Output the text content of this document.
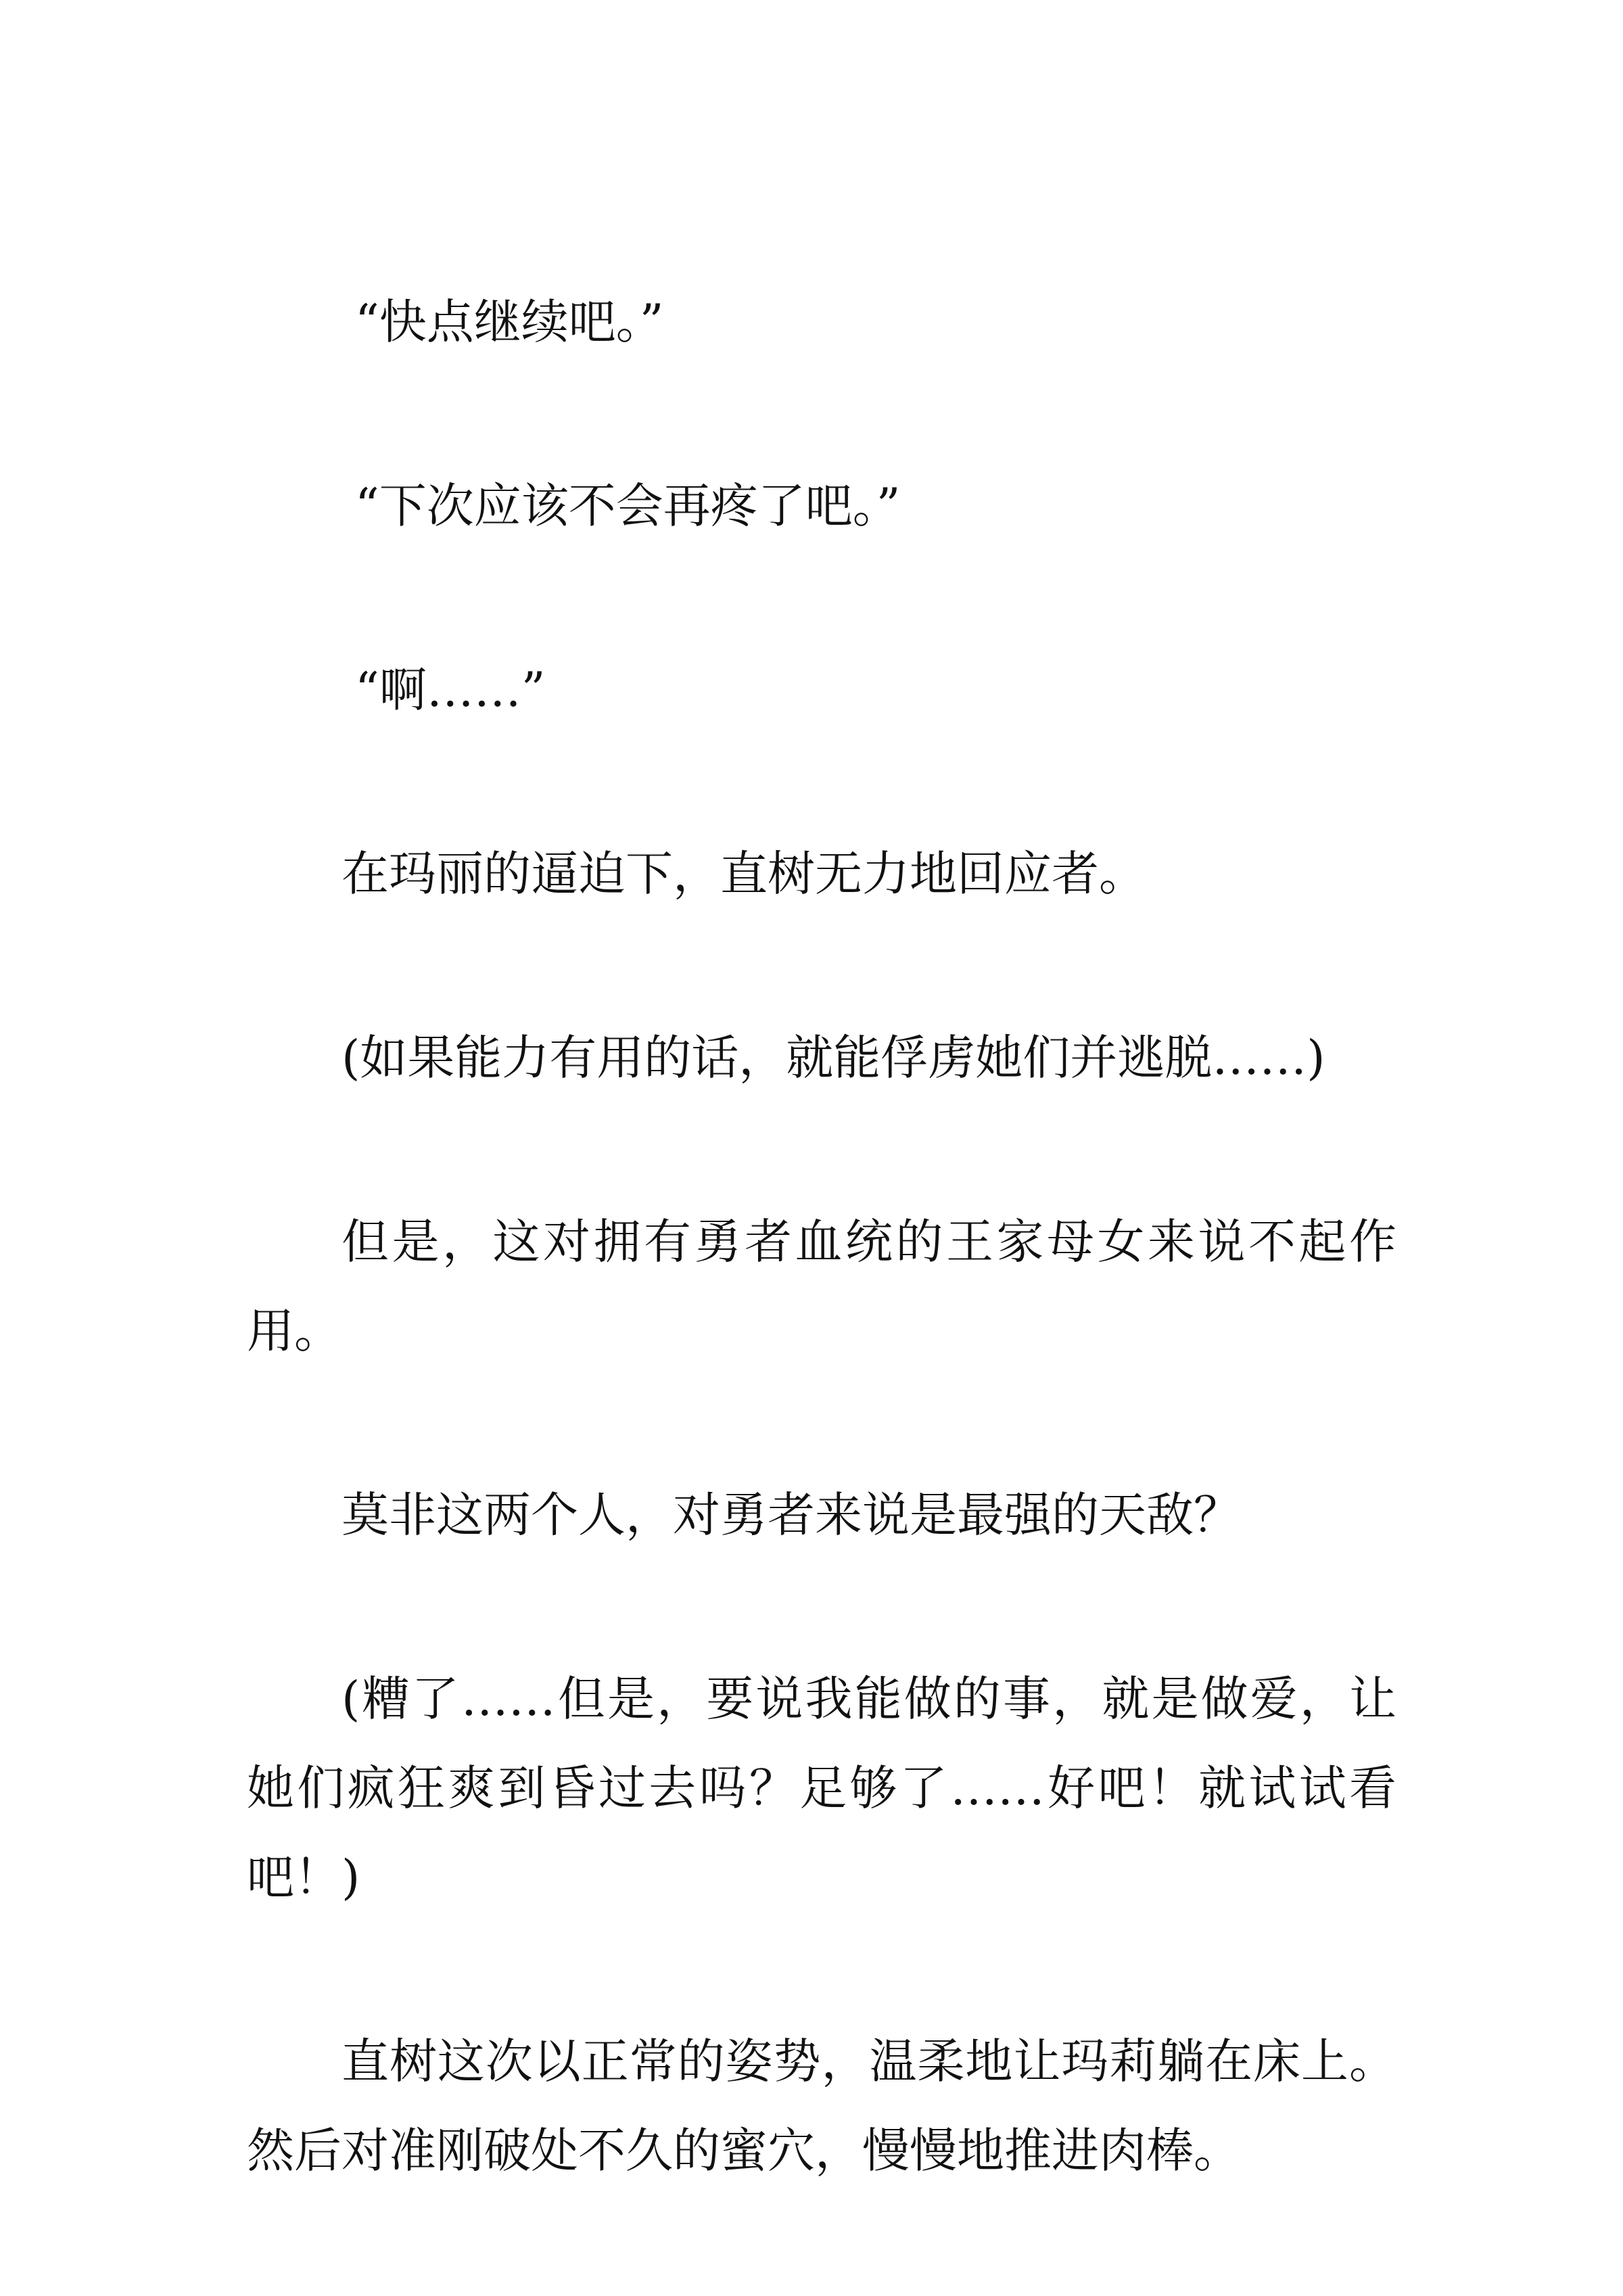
“快点继续吧。”

“下次应该不会再疼了吧。”

“啊……”

在玛丽的逼迫下，直树无力地回应者。

(如果能力有用的话，就能俘虏她们并逃脱……)

但是，这对拥有勇者血统的王家母女来说不起作用。

莫非这两个人，对勇者来说是最强的天敌？

(糟了……但是，要说我能做的事，就是做爱，让她们疯狂爽到昏过去吗？足够了……好吧！就试试看吧！)

直树这次以正常的姿势，温柔地让玛莉躺在床上。然后对准刚破处不久的蜜穴，慢慢地推进肉棒。
